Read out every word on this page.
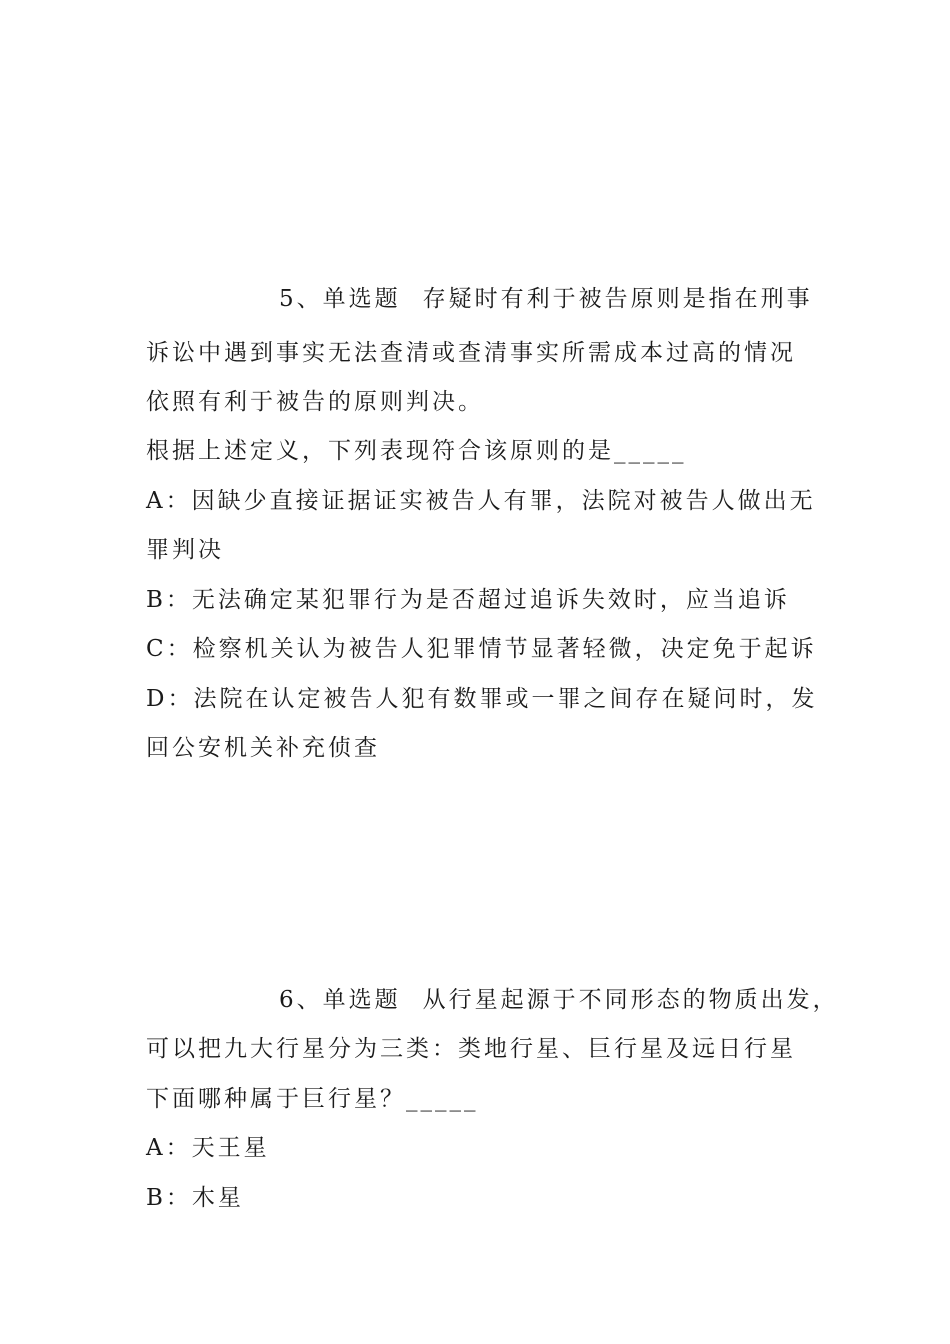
5、单选题 存疑时有利于被告原则是指在刑事

诉讼中遇到事实无法查清或查清事实所需成本过高的情况

依照有利于被告的原则判决。

根据上述定义，下列表现符合该原则的是_____

A：因缺少直接证据证实被告人有罪，法院对被告人做出无

罪判决

B：无法确定某犯罪行为是否超过追诉失效时，应当追诉

C：检察机关认为被告人犯罪情节显著轻微，决定免于起诉

D：法院在认定被告人犯有数罪或一罪之间存在疑问时，发

回公安机关补充侦查

6、单选题 从行星起源于不同形态的物质出发，

可以把九大行星分为三类：类地行星、巨行星及远日行星

下面哪种属于巨行星？_____

A：天王星

B：木星
